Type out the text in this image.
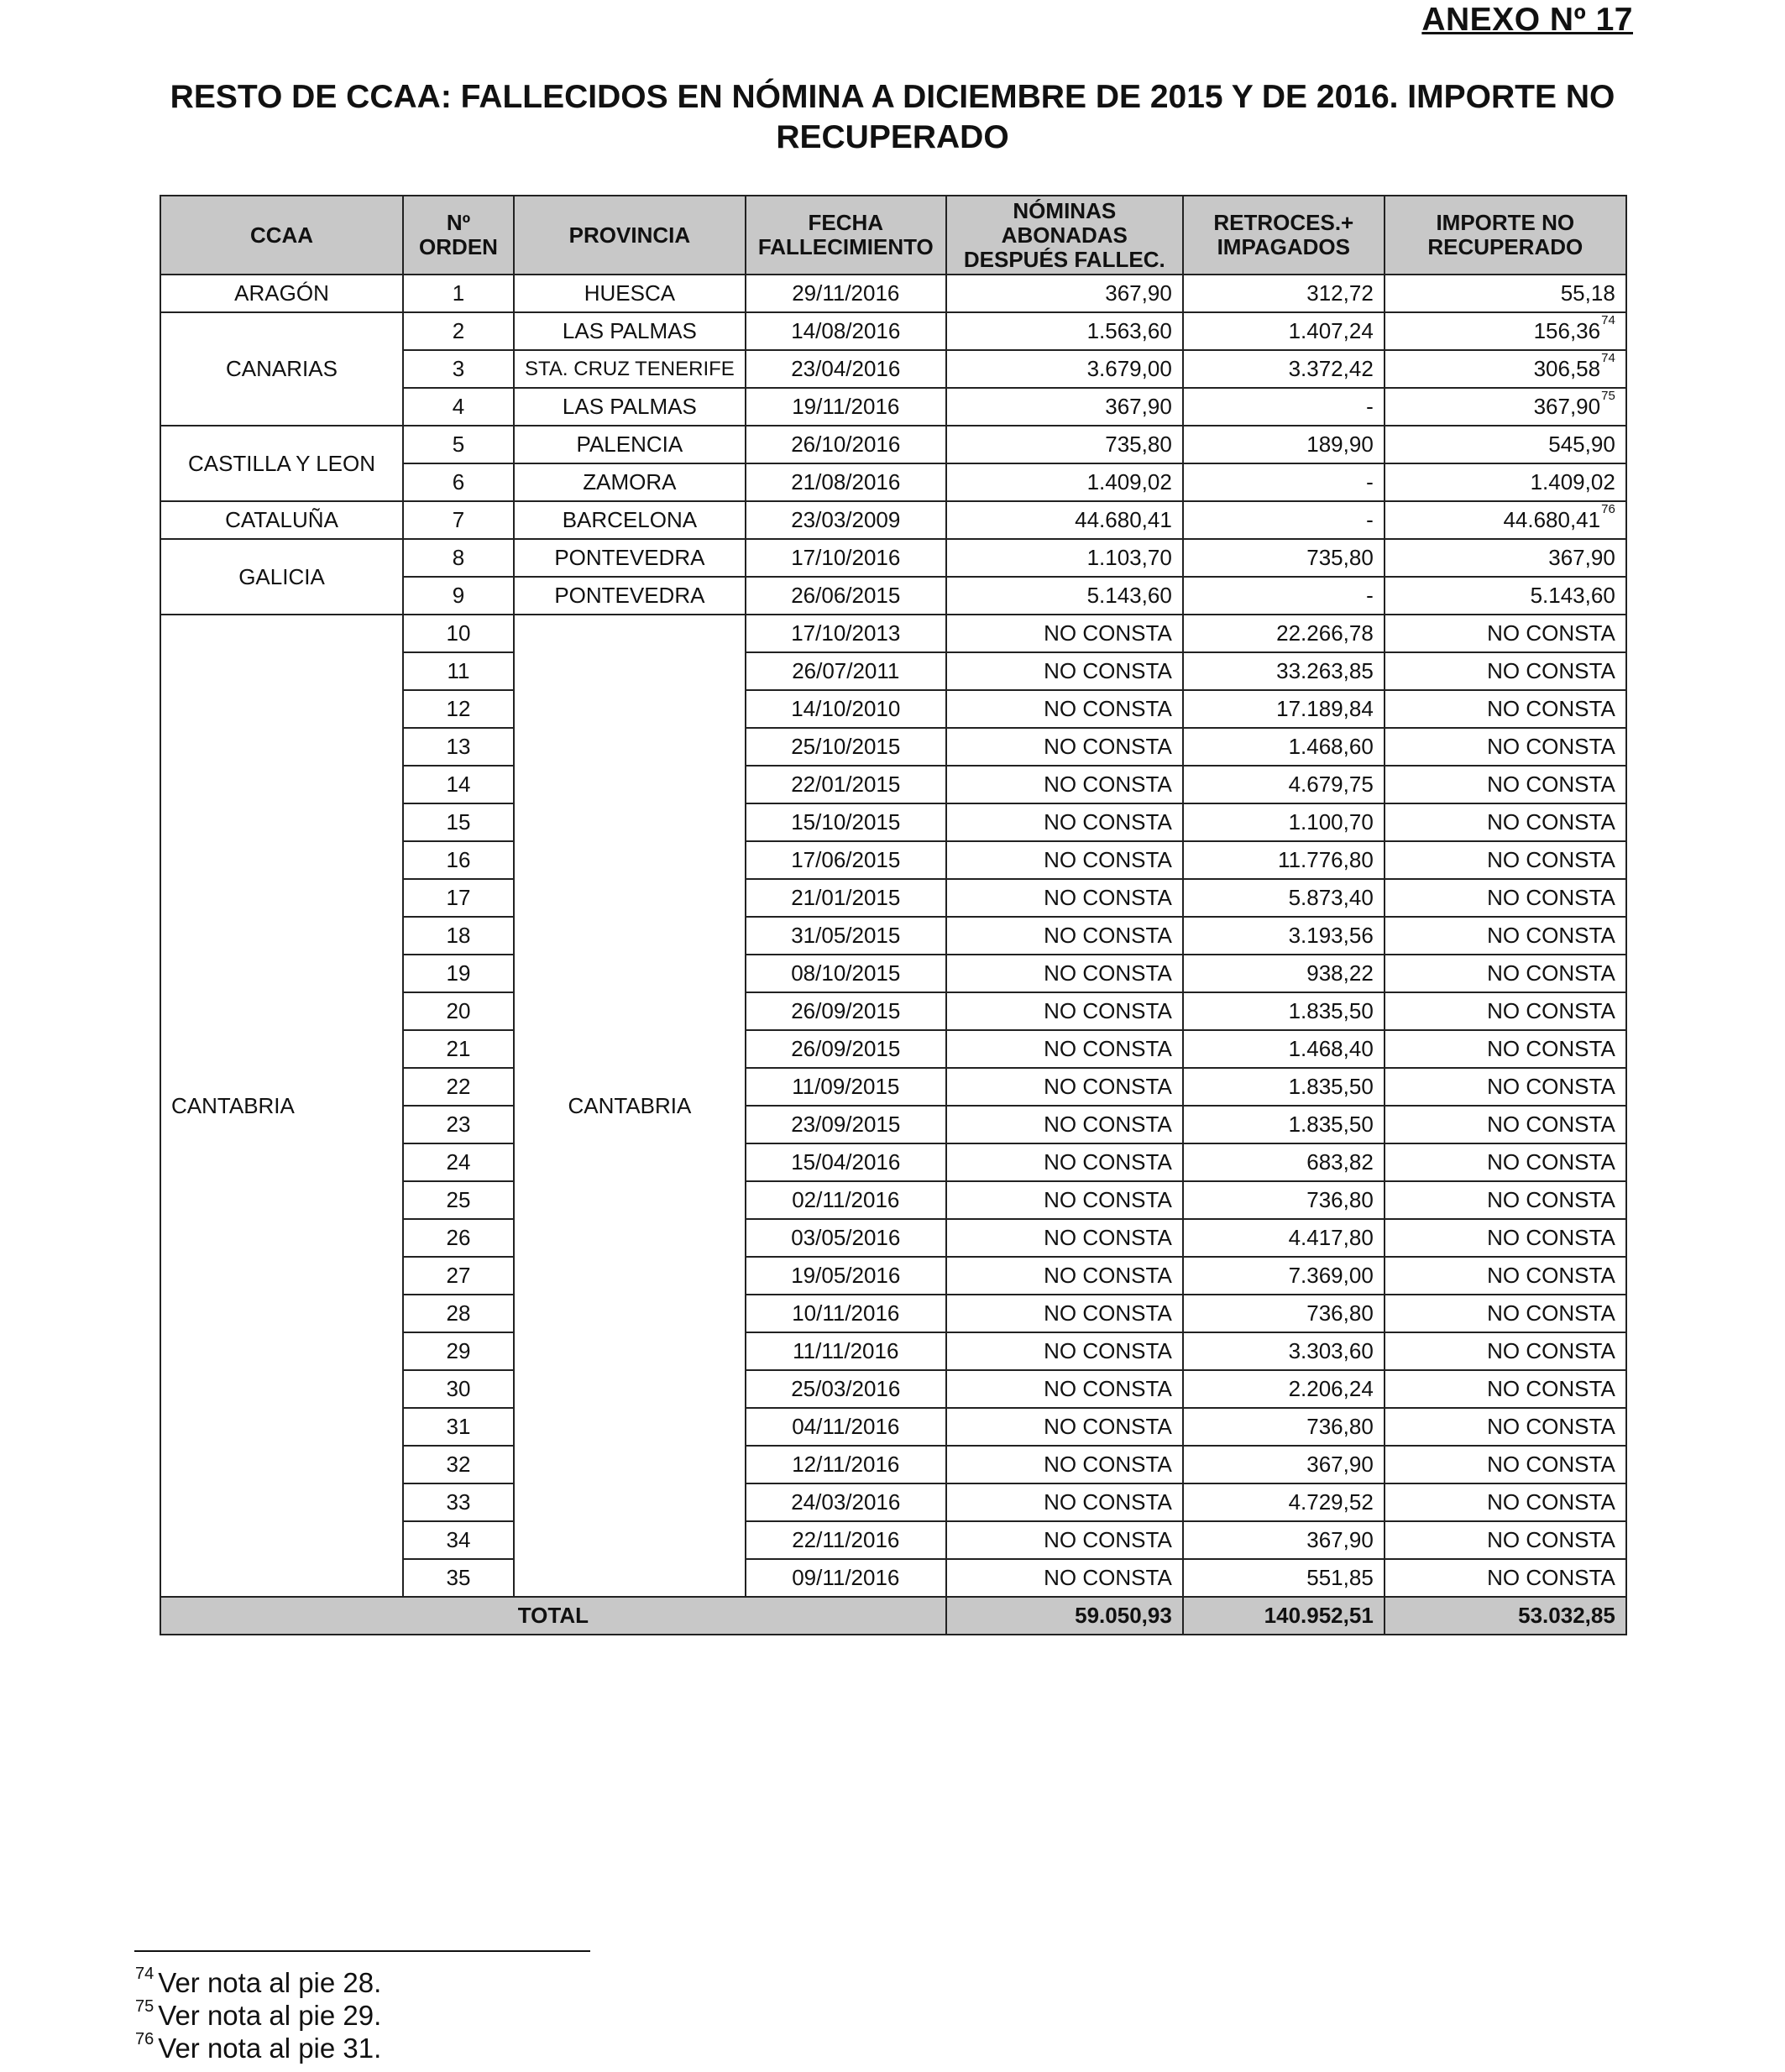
ANEXO Nº 17
RESTO DE CCAA: FALLECIDOS EN NÓMINA A DICIEMBRE DE 2015 Y DE 2016. IMPORTE NO RECUPERADO
CCAA	Nº ORDEN	PROVINCIA	FECHA FALLECIMIENTO	NÓMINAS ABONADAS DESPUÉS FALLEC.	RETROCES.+ IMPAGADOS	IMPORTE NO RECUPERADO
ARAGÓN	1	HUESCA	29/11/2016	367,90	312,72	55,18
CANARIAS	2	LAS PALMAS	14/08/2016	1.563,60	1.407,24	156,36$^{74}$
	3	STA. CRUZ TENERIFE	23/04/2016	3.679,00	3.372,42	306,58$^{74}$
	4	LAS PALMAS	19/11/2016	367,90	-	367,90$^{75}$
CASTILLA Y LEON	5	PALENCIA	26/10/2016	735,80	189,90	545,90
	6	ZAMORA	21/08/2016	1.409,02	-	1.409,02
CATALUÑA	7	BARCELONA	23/03/2009	44.680,41	-	44.680,41$^{76}$
GALICIA	8	PONTEVEDRA	17/10/2016	1.103,70	735,80	367,90
	9	PONTEVEDRA	26/06/2015	5.143,60	-	5.143,60
CANTABRIA	10	CANTABRIA	17/10/2013	NO CONSTA	22.266,78	NO CONSTA
	11		26/07/2011	NO CONSTA	33.263,85	NO CONSTA
	12		14/10/2010	NO CONSTA	17.189,84	NO CONSTA
	13		25/10/2015	NO CONSTA	1.468,60	NO CONSTA
	14		22/01/2015	NO CONSTA	4.679,75	NO CONSTA
	15		15/10/2015	NO CONSTA	1.100,70	NO CONSTA
	16		17/06/2015	NO CONSTA	11.776,80	NO CONSTA
	17		21/01/2015	NO CONSTA	5.873,40	NO CONSTA
	18		31/05/2015	NO CONSTA	3.193,56	NO CONSTA
	19		08/10/2015	NO CONSTA	938,22	NO CONSTA
	20		26/09/2015	NO CONSTA	1.835,50	NO CONSTA
	21		26/09/2015	NO CONSTA	1.468,40	NO CONSTA
	22		11/09/2015	NO CONSTA	1.835,50	NO CONSTA
	23		23/09/2015	NO CONSTA	1.835,50	NO CONSTA
	24		15/04/2016	NO CONSTA	683,82	NO CONSTA
	25		02/11/2016	NO CONSTA	736,80	NO CONSTA
	26		03/05/2016	NO CONSTA	4.417,80	NO CONSTA
	27		19/05/2016	NO CONSTA	7.369,00	NO CONSTA
	28		10/11/2016	NO CONSTA	736,80	NO CONSTA
	29		11/11/2016	NO CONSTA	3.303,60	NO CONSTA
	30		25/03/2016	NO CONSTA	2.206,24	NO CONSTA
	31		04/11/2016	NO CONSTA	736,80	NO CONSTA
	32		12/11/2016	NO CONSTA	367,90	NO CONSTA
	33		24/03/2016	NO CONSTA	4.729,52	NO CONSTA
	34		22/11/2016	NO CONSTA	367,90	NO CONSTA
	35		09/11/2016	NO CONSTA	551,85	NO CONSTA
TOTAL				59.050,93	140.952,51	53.032,85
$^{74}$ Ver nota al pie 28.
$^{75}$ Ver nota al pie 29.
$^{76}$ Ver nota al pie 31.
